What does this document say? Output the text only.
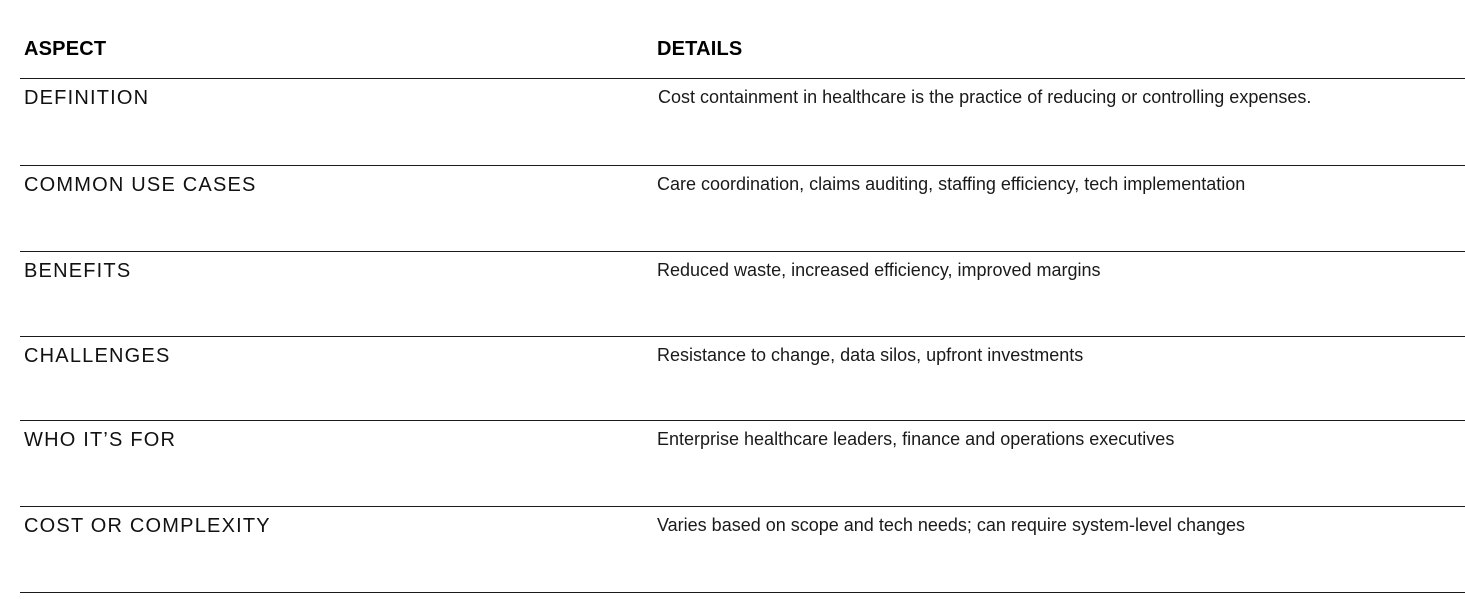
ASPECT	DETAILS
DEFINITION	Cost containment in healthcare is the practice of reducing or controlling expenses.
COMMON USE CASES	Care coordination, claims auditing, staffing efficiency, tech implementation
BENEFITS	Reduced waste, increased efficiency, improved margins
CHALLENGES	Resistance to change, data silos, upfront investments
WHO IT’S FOR	Enterprise healthcare leaders, finance and operations executives
COST OR COMPLEXITY	Varies based on scope and tech needs; can require system-level changes
